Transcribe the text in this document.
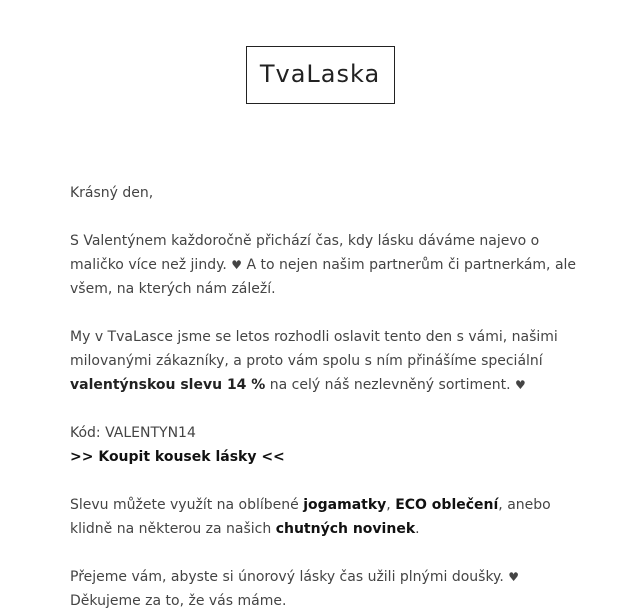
TvaLaska

Krásný den,

S Valentýnem každoročně přichází čas, kdy lásku dáváme najevo o maličko více než jindy. ♥ A to nejen našim partnerům či partnerkám, ale všem, na kterých nám záleží.

My v TvaLasce jsme se letos rozhodli oslavit tento den s vámi, našimi milovanými zákazníky, a proto vám spolu s ním přinášíme speciální valentýnskou slevu 14 % na celý náš nezlevněný sortiment. ♥

Kód: VALENTYN14

>> Koupit kousek lásky <<

Slevu můžete využít na oblíbené jogamatky, ECO oblečení, anebo klidně na některou za našich chutných novinek.

Přejeme vám, abyste si únorový lásky čas užili plnými doušky. ♥

Děkujeme za to, že vás máme.
